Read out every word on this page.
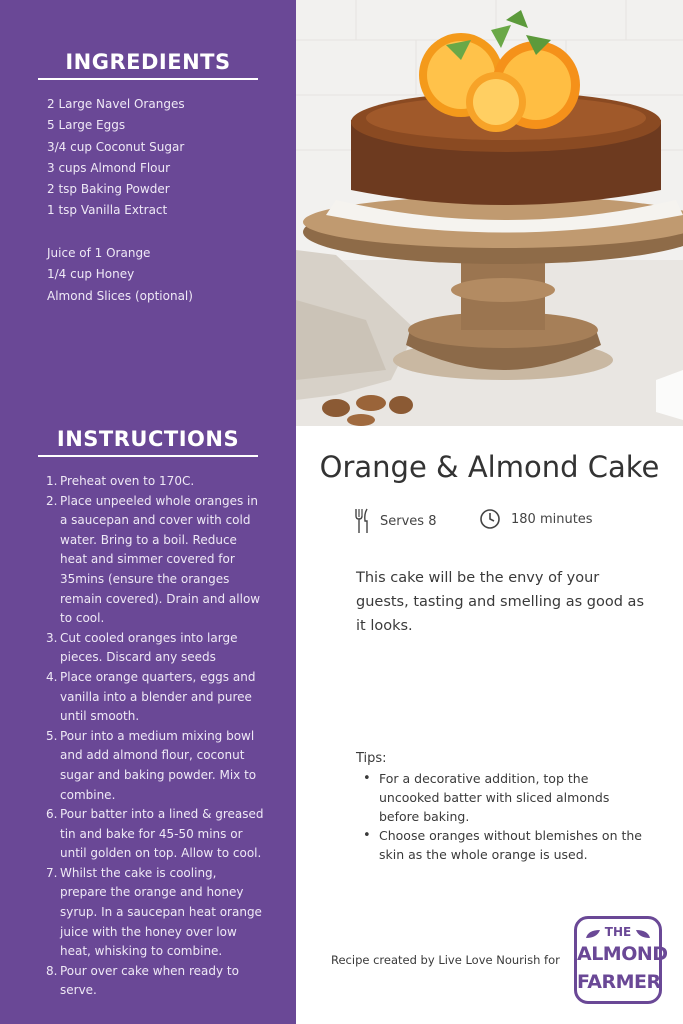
INGREDIENTS
2 Large Navel Oranges
5 Large Eggs
3/4 cup Coconut Sugar
3 cups Almond Flour
2 tsp Baking Powder
1 tsp Vanilla Extract
Juice of 1 Orange
1/4 cup Honey
Almond Slices (optional)
INSTRUCTIONS
1. Preheat oven to 170C.
2. Place unpeeled whole oranges in a saucepan and cover with cold water. Bring to a boil. Reduce heat and simmer covered for 35mins (ensure the oranges remain covered). Drain and allow to cool.
3. Cut cooled oranges into large pieces. Discard any seeds
4. Place orange quarters, eggs and vanilla into a blender and puree until smooth.
5. Pour into a medium mixing bowl and add almond flour, coconut sugar and baking powder. Mix to combine.
6. Pour batter into a lined & greased tin and bake for 45-50 mins or until golden on top. Allow to cool.
7. Whilst the cake is cooling, prepare the orange and honey syrup. In a saucepan heat orange juice with the honey over low heat, whisking to combine.
8. Pour over cake when ready to serve.
Orange & Almond Cake
Serves 8	180 minutes

This cake will be the envy of your guests, tasting and smelling as good as it looks.

Tips:
• For a decorative addition, top the uncooked batter with sliced almonds before baking.
• Choose oranges without blemishes on the skin as the whole orange is used.
Recipe created by Live Love Nourish for
THE
ALMOND
FARMER
